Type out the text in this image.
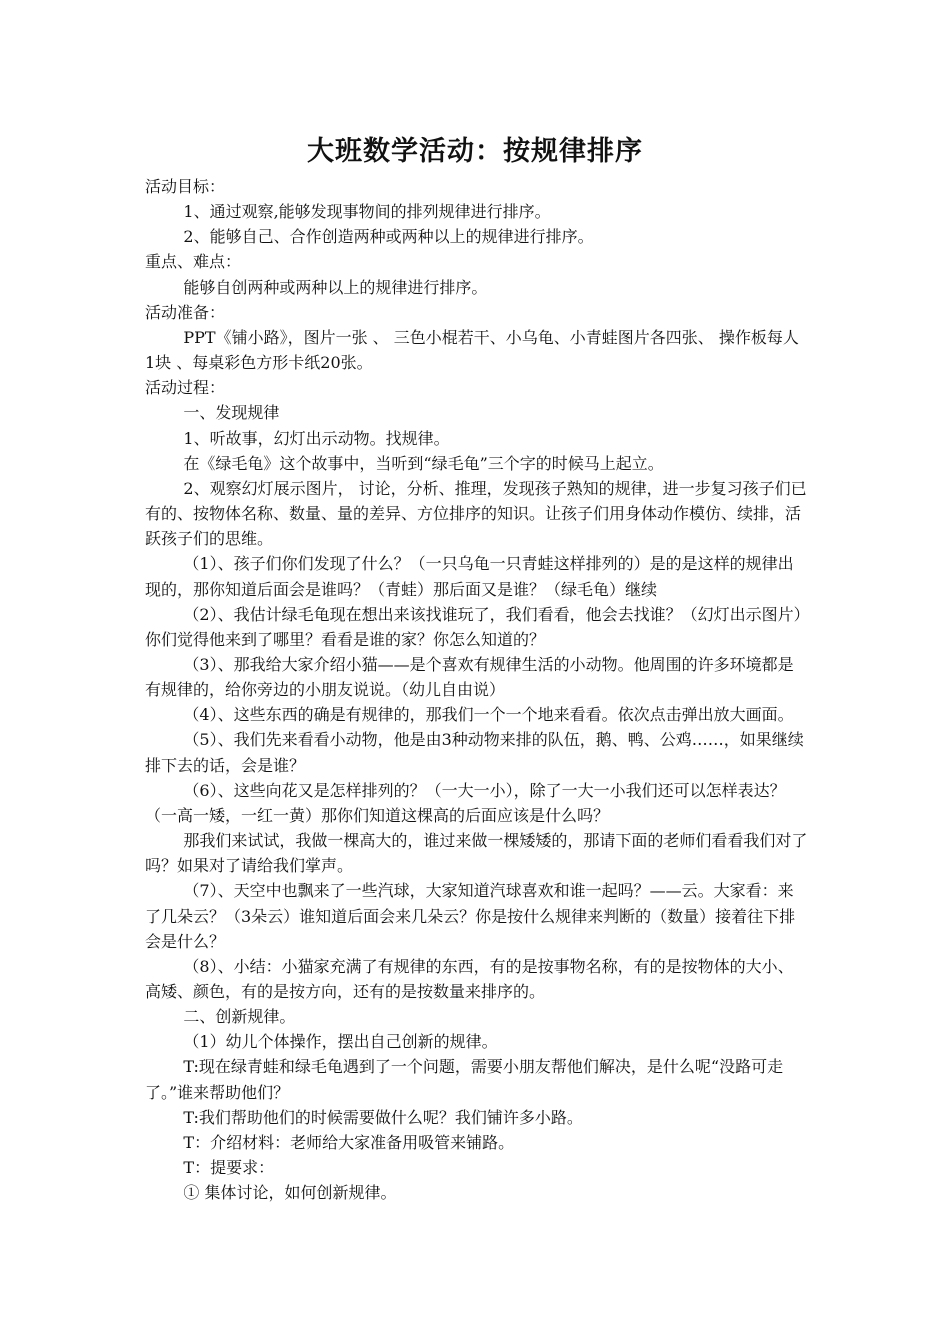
大班数学活动：按规律排序

活动目标：

1、通过观察,能够发现事物间的排列规律进行排序。

2、能够自己、合作创造两种或两种以上的规律进行排序。

重点、难点：

能够自创两种或两种以上的规律进行排序。

活动准备：

PPT《铺小路》，图片一张 、 三色小棍若干、小乌龟、小青蛙图片各四张、 操作板每人1块 、每桌彩色方形卡纸20张。

活动过程：

一、发现规律

1、听故事，幻灯出示动物。找规律。

在《绿毛龟》这个故事中，当听到“绿毛龟”三个字的时候马上起立。

2、观察幻灯展示图片， 讨论，分析、推理，发现孩子熟知的规律，进一步复习孩子们已有的、按物体名称、数量、量的差异、方位排序的知识。让孩子们用身体动作模仿、续排，活跃孩子们的思维。

（1）、孩子们你们发现了什么？（一只乌龟一只青蛙这样排列的）是的是这样的规律出现的，那你知道后面会是谁吗？（青蛙）那后面又是谁？（绿毛龟）继续

（2）、我估计绿毛龟现在想出来该找谁玩了，我们看看，他会去找谁？（幻灯出示图片）你们觉得他来到了哪里？看看是谁的家？你怎么知道的？

（3）、那我给大家介绍小猫——是个喜欢有规律生活的小动物。他周围的许多环境都是有规律的，给你旁边的小朋友说说。（幼儿自由说）

（4）、这些东西的确是有规律的，那我们一个一个地来看看。依次点击弹出放大画面。

（5）、我们先来看看小动物，他是由3种动物来排的队伍，鹅、鸭、公鸡……，如果继续排下去的话，会是谁？

（6）、这些向花又是怎样排列的？（一大一小），除了一大一小我们还可以怎样表达？（一高一矮，一红一黄）那你们知道这棵高的后面应该是什么吗？

那我们来试试，我做一棵高大的，谁过来做一棵矮矮的，那请下面的老师们看看我们对了吗？如果对了请给我们掌声。

（7）、天空中也飘来了一些汽球，大家知道汽球喜欢和谁一起吗？——云。大家看：来了几朵云？（3朵云）谁知道后面会来几朵云？你是按什么规律来判断的（数量）接着往下排会是什么？

（8）、小结：小猫家充满了有规律的东西，有的是按事物名称，有的是按物体的大小、高矮、颜色，有的是按方向，还有的是按数量来排序的。

二、创新规律。

（1）幼儿个体操作，摆出自己创新的规律。

T:现在绿青蛙和绿毛龟遇到了一个问题，需要小朋友帮他们解决，是什么呢“没路可走了。”谁来帮助他们？

T:我们帮助他们的时候需要做什么呢？我们铺许多小路。

T：介绍材料：老师给大家准备用吸管来铺路。

T：提要求：

① 集体讨论，如何创新规律。
